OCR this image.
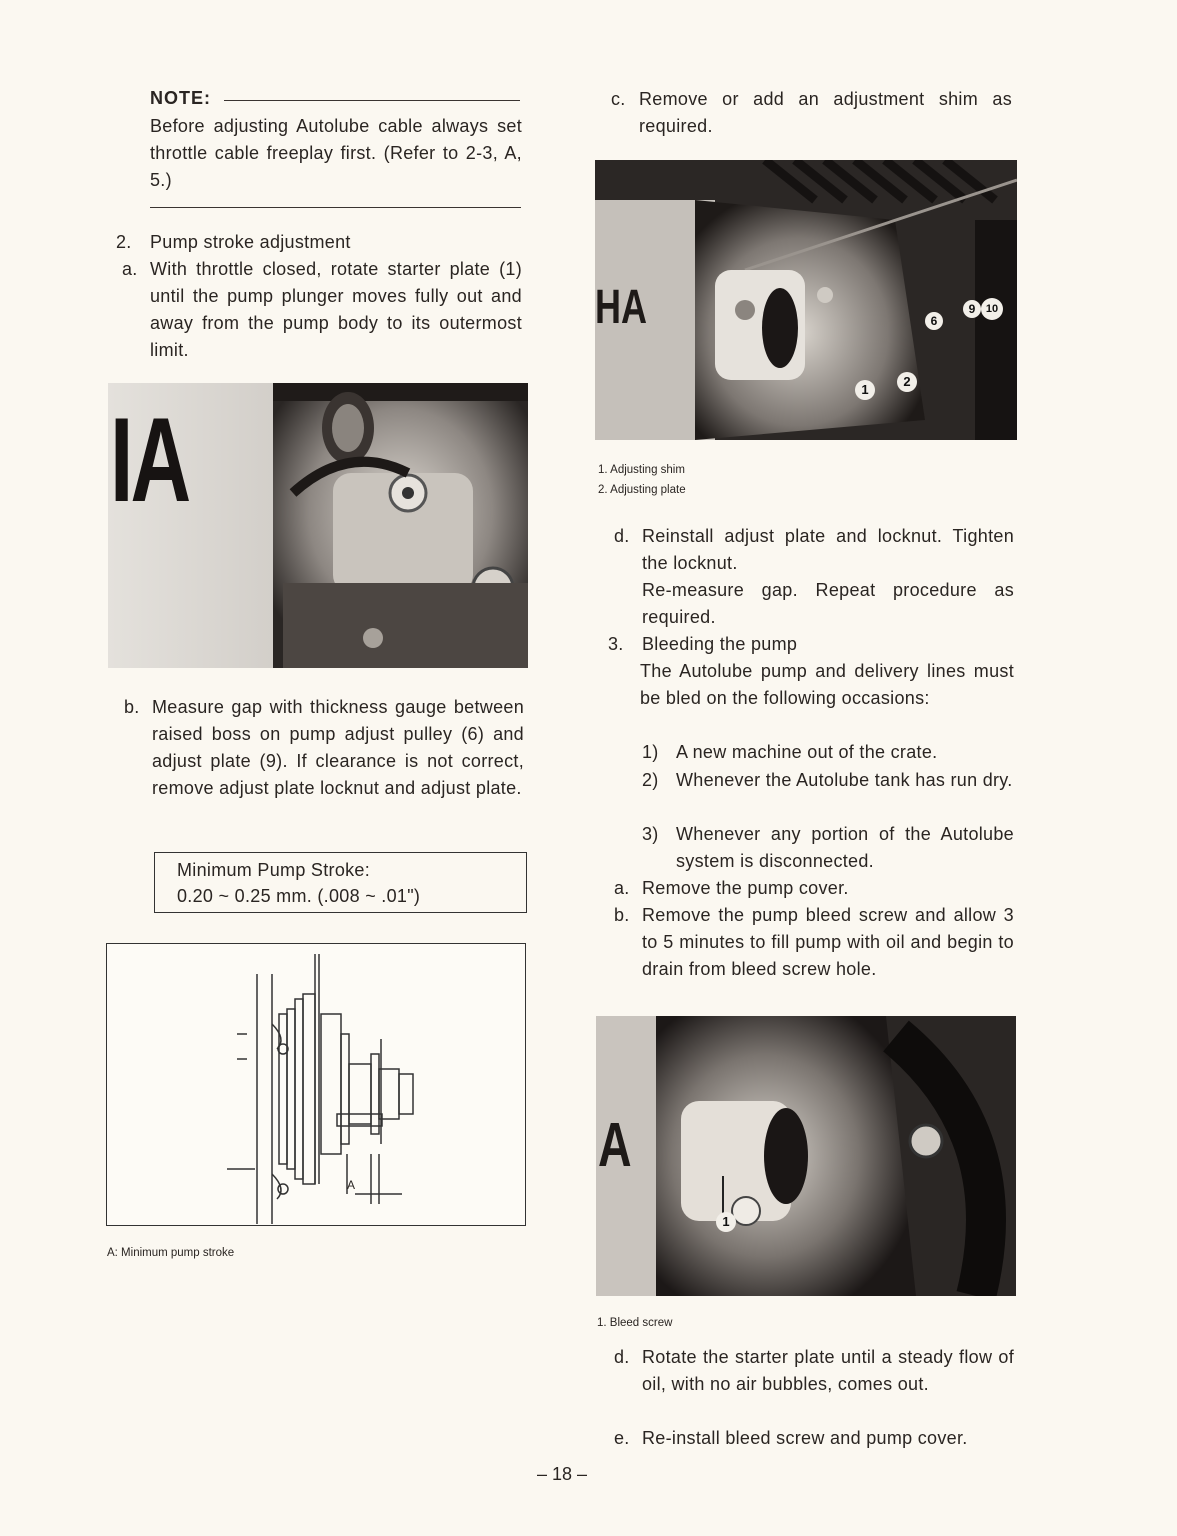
NOTE:
Before adjusting Autolube cable always set throttle cable freeplay first. (Refer to 2-3, A, 5.)
2. Pump stroke adjustment
a. With throttle closed, rotate starter plate (1) until the pump plunger moves fully out and away from the pump body to its outermost limit.
IA
b. Measure gap with thickness gauge between raised boss on pump adjust pulley (6) and adjust plate (9). If clearance is not correct, remove adjust plate locknut and adjust plate.
Minimum Pump Stroke:
0.20 ~ 0.25 mm. (.008 ~ .01")
A
A: Minimum pump stroke
c. Remove or add an adjustment shim as required.
1
2
6
9 10
HA
1. Adjusting shim
2. Adjusting plate
d. Reinstall adjust plate and locknut. Tighten the locknut.
Re-measure gap. Repeat procedure as required.
3. Bleeding the pump
The Autolube pump and delivery lines must be bled on the following occasions:
1) A new machine out of the crate.
2) Whenever the Autolube tank has run dry.
3) Whenever any portion of the Autolube system is disconnected.
a. Remove the pump cover.
b. Remove the pump bleed screw and allow 3 to 5 minutes to fill pump with oil and begin to drain from bleed screw hole.
1
A
1. Bleed screw
d. Rotate the starter plate until a steady flow of oil, with no air bubbles, comes out.
e. Re-install bleed screw and pump cover.
– 18 –
